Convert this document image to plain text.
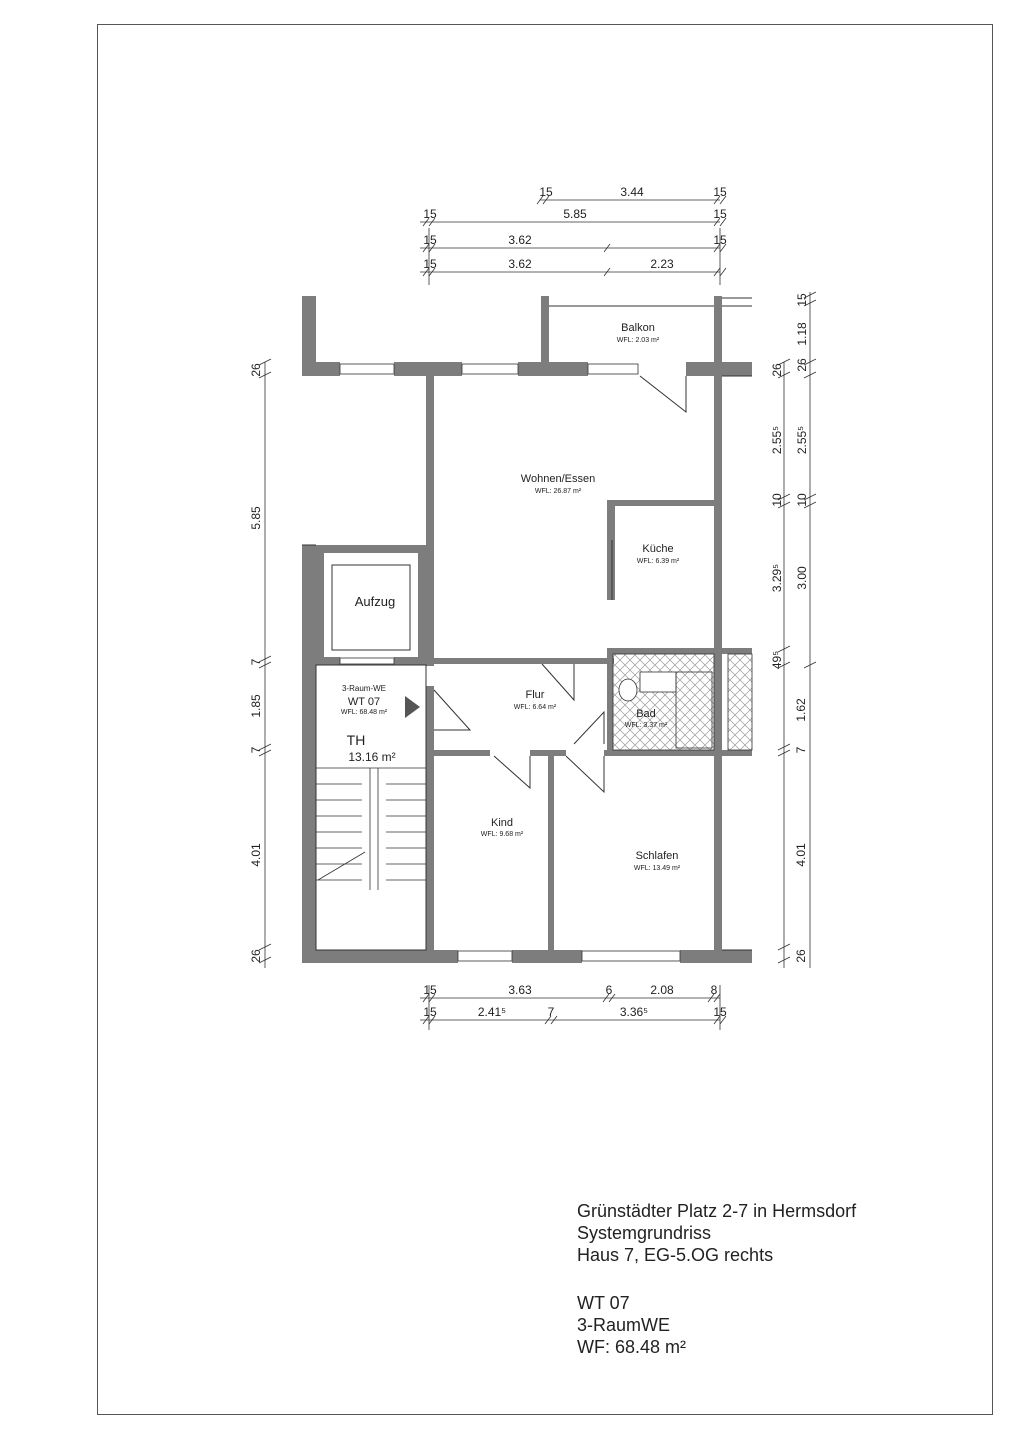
15	3.44	15
15	5.85	15
15	3.62	15
15	3.62	2.23
26
5.85
7
1.85
7
4.01
26
2.55⁵
10
3.29⁵
49⁵
1.62
7
4.01
26
15
1.18
26
26
2.55⁵
10
3.00
15	3.63	6	2.08	8
15	2.41⁵	7	3.36⁵	15
Balkon
WFL: 2.03 m²
Wohnen/Essen
WFL: 26.87 m²
Küche
WFL: 6.39 m²
Aufzug
3-Raum-WE
WT 07
WFL: 68.48 m²
Flur
WFL: 6.64 m²
Bad
WFL: 3.37 m²
TH
13.16 m²
Kind
WFL: 9.68 m²
Schlafen
WFL: 13.49 m²
Grünstädter Platz 2-7 in Hermsdorf
Systemgrundriss
Haus 7, EG-5.OG rechts
WT 07
3-RaumWE
WF: 68.48 m²
